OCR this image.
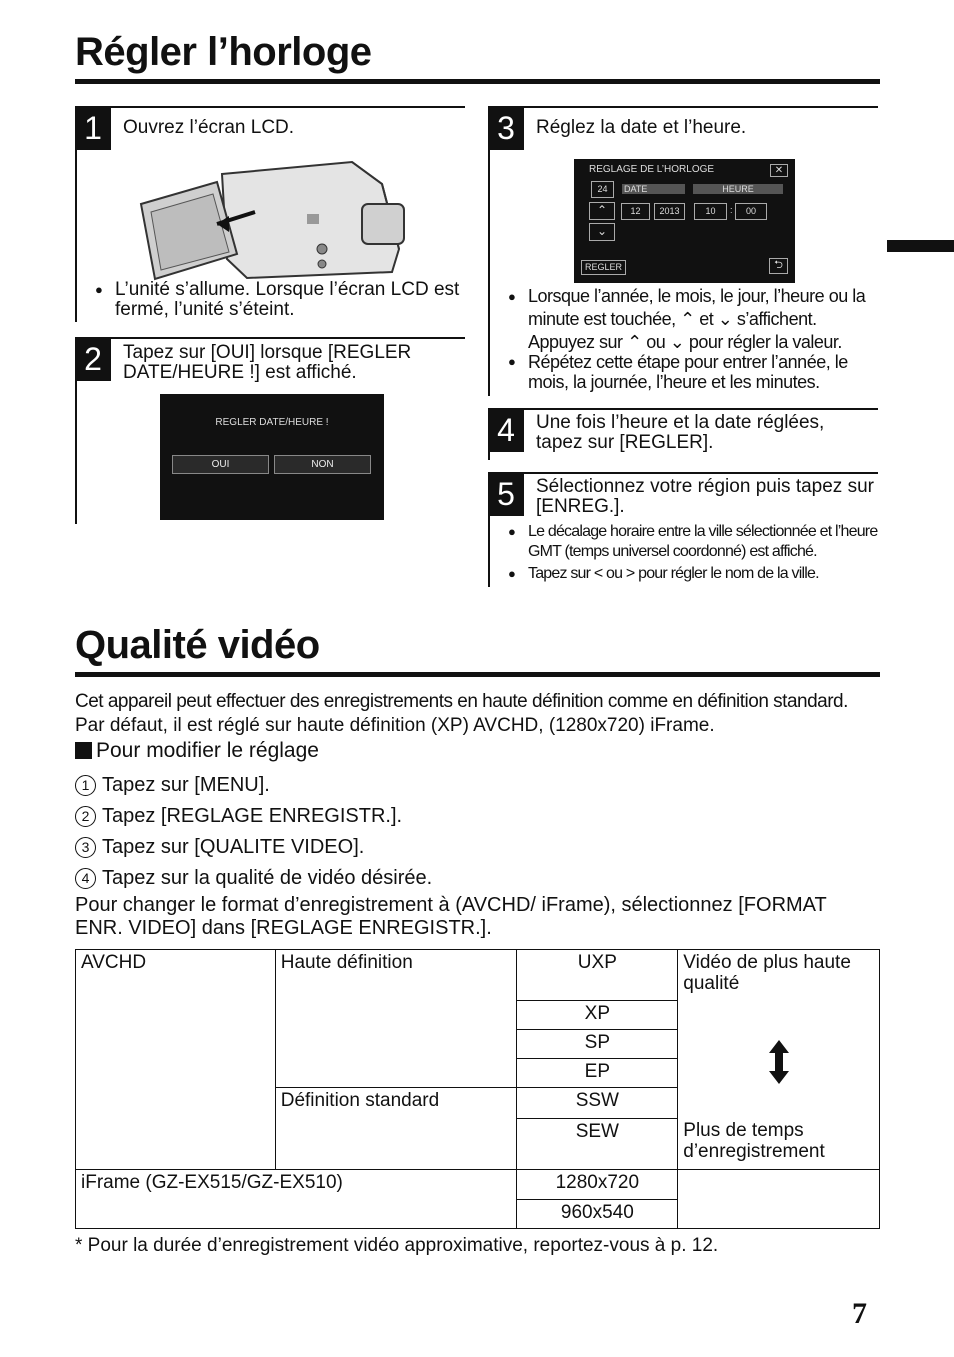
Régler l’horloge
1	Ouvrez l’écran LCD.
● L’unité s’allume. Lorsque l’écran LCD est fermé, l’unité s’éteint.
2	Tapez sur [OUI] lorsque [REGLER DATE/HEURE !] est affiché.
REGLER DATE/HEURE !
OUI	NON
3	Réglez la date et l’heure.
REGLAGE DE L’HORLOGE	✕
24	DATE	HEURE
⌃
⌄
12	2013	10	:	00
REGLER	⮌
● Lorsque l’année, le mois, le jour, l’heure ou la minute est touchée, ⌃ et ⌄ s’affichent. Appuyez sur ⌃ ou ⌄ pour régler la valeur.
● Répétez cette étape pour entrer l’année, le mois, la journée, l’heure et les minutes.
4	Une fois l’heure et la date réglées, tapez sur [REGLER].
5	Sélectionnez votre région puis tapez sur [ENREG.].
● Le décalage horaire entre la ville sélectionnée et l’heure GMT (temps universel coordonné) est affiché.
● Tapez sur < ou > pour régler le nom de la ville.
Qualité vidéo
Cet appareil peut effectuer des enregistrements en haute définition comme en définition standard.
Par défaut, il est réglé sur haute définition (XP) AVCHD, (1280x720) iFrame.
Pour modifier le réglage
1 Tapez sur [MENU].
2 Tapez [REGLAGE ENREGISTR.].
3 Tapez sur [QUALITE VIDEO].
4 Tapez sur la qualité de vidéo désirée.
Pour changer le format d’enregistrement à (AVCHD/ iFrame), sélectionnez [FORMAT ENR. VIDEO] dans [REGLAGE ENREGISTR.].
AVCHD	Haute définition	UXP	Vidéo de plus haute qualité
Plus de temps d’enregistrement

		XP	
		SP	
		EP	
	Définition standard	SSW	
		SEW	
iFrame (GZ-EX515/GZ-EX510)		1280x720	
		960x540	
* Pour la durée d’enregistrement vidéo approximative, reportez-vous à p. 12.
7
